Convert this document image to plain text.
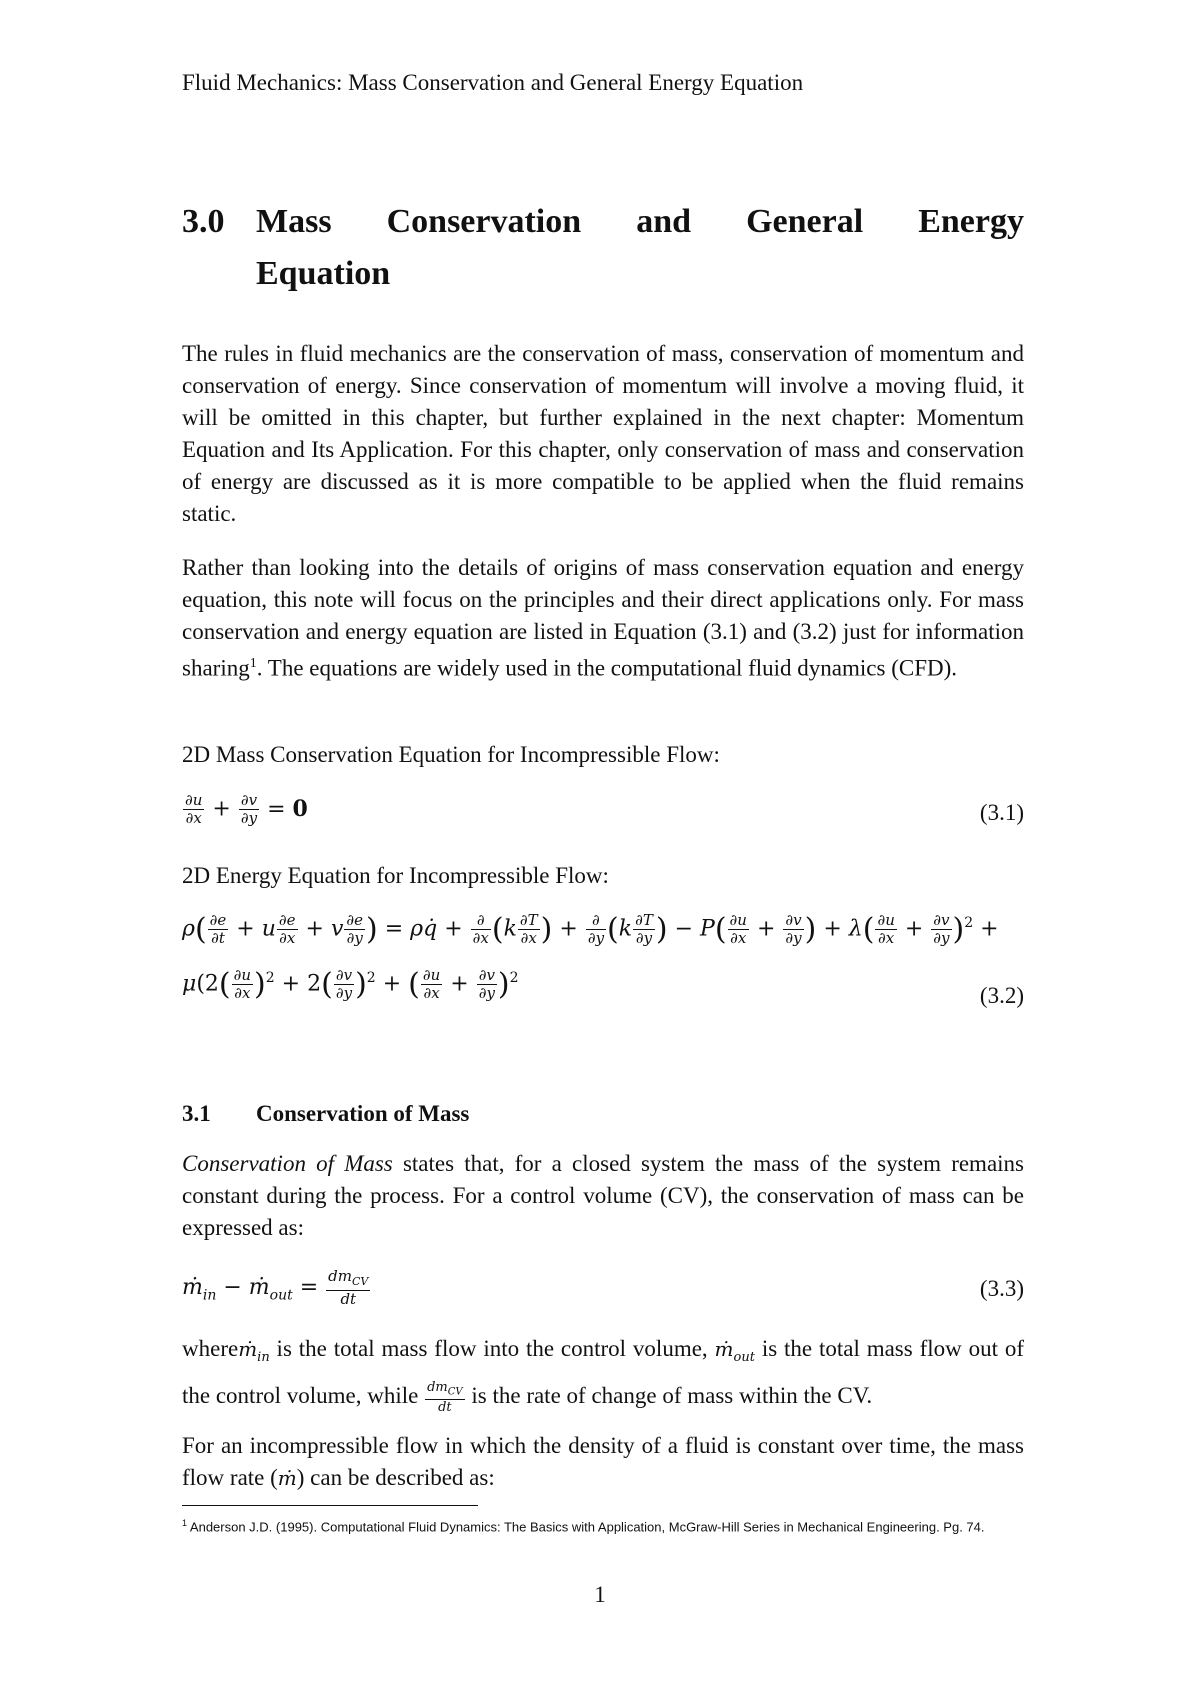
Fluid Mechanics: Mass Conservation and General Energy Equation
3.0 Mass Conservation and General Energy
Equation

The rules in fluid mechanics are the conservation of mass, conservation of momentum and conservation of energy. Since conservation of momentum will involve a moving fluid, it will be omitted in this chapter, but further explained in the next chapter: Momentum Equation and Its Application. For this chapter, only conservation of mass and conservation of energy are discussed as it is more compatible to be applied when the fluid remains static.

Rather than looking into the details of origins of mass conservation equation and energy equation, this note will focus on the principles and their direct applications only. For mass conservation and energy equation are listed in Equation (3.1) and (3.2) just for information sharing$^1$. The equations are widely used in the computational fluid dynamics (CFD).

2D Mass Conservation Equation for Incompressible Flow:
$\frac{\partial u}{\partial x} + \frac{\partial v}{\partial y} = 0$	(3.1)
2D Energy Equation for Incompressible Flow:
$\rho( \frac{\partial e}{\partial t} + u \frac{\partial e}{\partial x} + v \frac{\partial e}{\partial y}$ ) = ρq̇ + $\frac{\partial}{\partial x} (k \frac{\partial T}{\partial x}$ ) + $\frac{\partial}{\partial y} (k \frac{\partial T}{\partial y}$ ) − $P( \frac{\partial u}{\partial x} + \frac{\partial v}{\partial y}$ ) + $\lambda( \frac{\partial u}{\partial x} + \frac{\partial v}{\partial y} )^2$ +
$\mu(2( \frac{\partial u}{\partial x} )^2 + 2( \frac{\partial v}{\partial y} )^2$ + ( $\frac{\partial u}{\partial x} + \frac{\partial v}{\partial y} )^2$
(3.2)
3.1 Conservation of Mass

Conservation of Mass states that, for a closed system the mass of the system remains constant during the process. For a control volume (CV), the conservation of mass can be expressed as:

ṁ$_{in}$ − ṁ$_{out}$ = $\frac{dm_{CV}}{dt}$	(3.3)

whereṁ$_{in}$ is the total mass flow into the control volume, ṁ$_{out}$ is the total mass flow out of the control volume, while $\frac{dm_{CV}}{dt}$ is the rate of change of mass within the CV.

For an incompressible flow in which the density of a fluid is constant over time, the mass flow rate (ṁ) can be described as:

$^1$ Anderson J.D. (1995). Computational Fluid Dynamics: The Basics with Application, McGraw-Hill Series in Mechanical Engineering. Pg. 74.
1
